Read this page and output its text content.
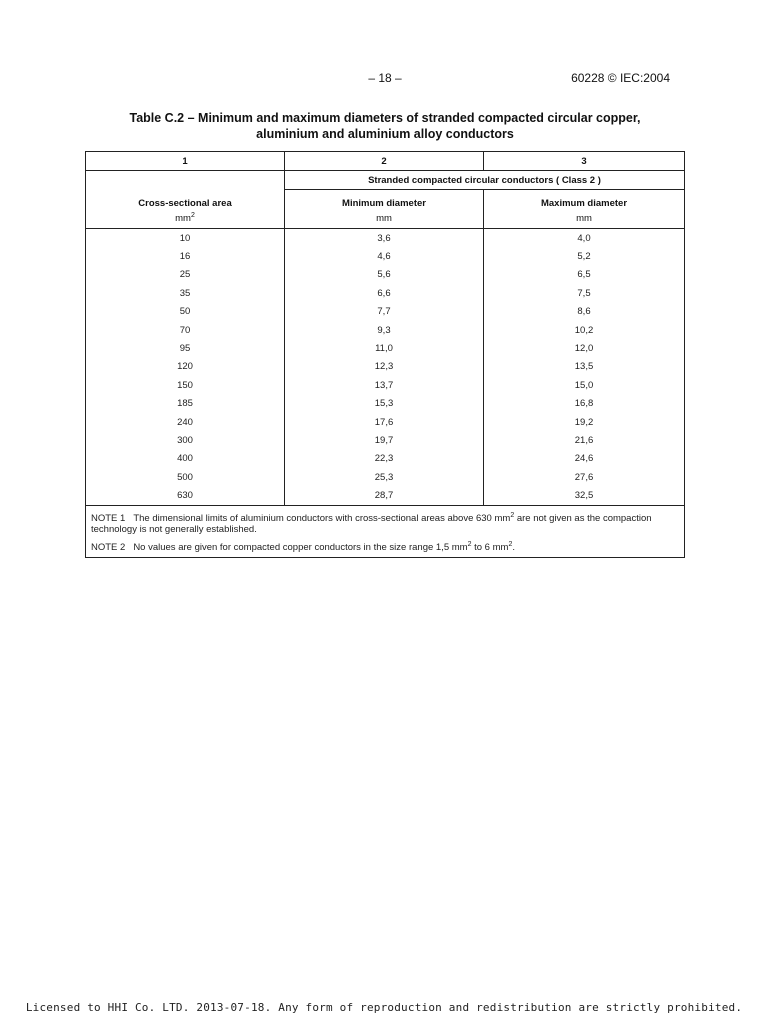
– 18 –	60228 © IEC:2004
Table C.2 – Minimum and maximum diameters of stranded compacted circular copper,
aluminium and aluminium alloy conductors
1	2	3
	Stranded compacted circular conductors ( Class 2 )	
Cross-sectional area	Minimum diameter	Maximum diameter
$mm^2$	mm	mm
10	3,6	4,0
16	4,6	5,2
25	5,6	6,5
35	6,6	7,5
50	7,7	8,6
70	9,3	10,2
95	11,0	12,0
120	12,3	13,5
150	13,7	15,0
185	15,3	16,8
240	17,6	19,2
300	19,7	21,6
400	22,3	24,6
500	25,3	27,6
630	28,7	32,5

NOTE 1 The dimensional limits of aluminium conductors with cross-sectional areas above 630 $mm^2$ are not given as the compaction technology is not generally established.

NOTE 2 No values are given for compacted copper conductors in the size range 1,5 $mm^2$ to 6 $mm^2$.		

Licensed to HHI Co. LTD. 2013-07-18. Any form of reproduction and redistribution are strictly prohibited.
